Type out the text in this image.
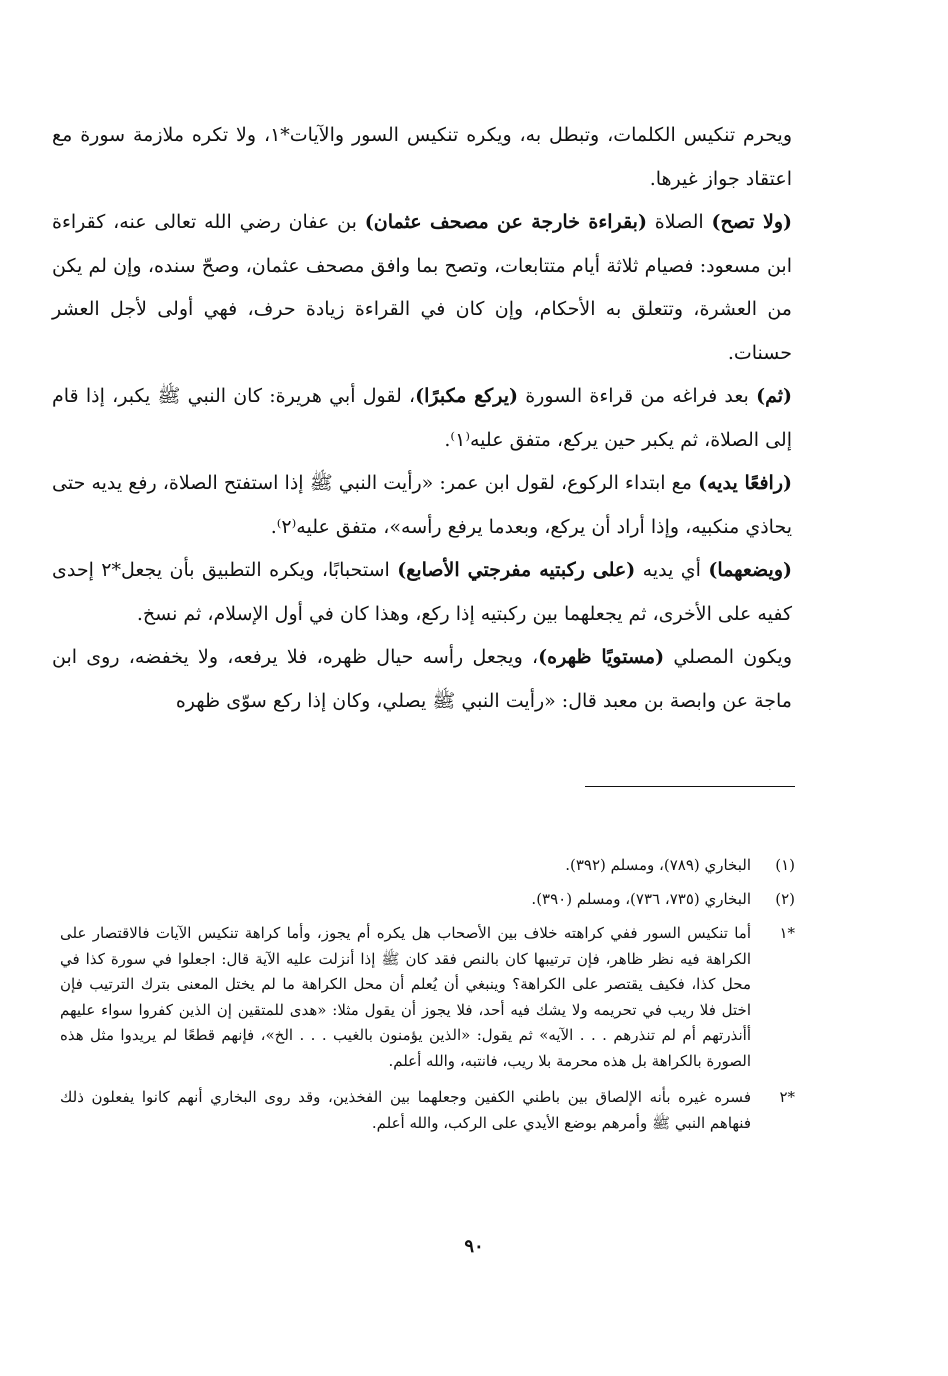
ويحرم تنكيس الكلمات، وتبطل به، ويكره تنكيس السور والآيات*١، ولا تكره ملازمة سورة مع اعتقاد جواز غيرها.

(ولا تصح) الصلاة (بقراءة خارجة عن مصحف عثمان) بن عفان رضي الله تعالى عنه، كقراءة ابن مسعود: فصيام ثلاثة أيام متتابعات، وتصح بما وافق مصحف عثمان، وصحّ سنده، وإن لم يكن من العشرة، وتتعلق به الأحكام، وإن كان في القراءة زيادة حرف، فهي أولى لأجل العشر حسنات.

(ثم) بعد فراغه من قراءة السورة (يركع مكبرًا)، لقول أبي هريرة: كان النبي ﷺ يكبر، إذا قام إلى الصلاة، ثم يكبر حين يركع، متفق عليه⁽١⁾.

(رافعًا يديه) مع ابتداء الركوع، لقول ابن عمر: «رأيت النبي ﷺ إذا استفتح الصلاة، رفع يديه حتى يحاذي منكبيه، وإذا أراد أن يركع، وبعدما يرفع رأسه»، متفق عليه⁽٢⁾.

(ويضعهما) أي يديه (على ركبتيه مفرجتي الأصابع) استحبابًا، ويكره التطبيق بأن يجعل*٢ إحدى كفيه على الأخرى، ثم يجعلهما بين ركبتيه إذا ركع، وهذا كان في أول الإسلام، ثم نسخ.

ويكون المصلي (مستويًا ظهره)، ويجعل رأسه حيال ظهره، فلا يرفعه، ولا يخفضه، روى ابن ماجة عن وابصة بن معبد قال: «رأيت النبي ﷺ يصلي، وكان إذا ركع سوّى ظهره

(١)
البخاري (٧٨٩)، ومسلم (٣٩٢).
(٢)
البخاري (٧٣٥، ٧٣٦)، ومسلم (٣٩٠).
*١
أما تنكيس السور ففي كراهته خلاف بين الأصحاب هل يكره أم يجوز، وأما كراهة تنكيس الآيات فالاقتصار على الكراهة فيه نظر ظاهر، فإن ترتيبها كان بالنص فقد كان ﷺ إذا أنزلت عليه الآية قال: اجعلوا في سورة كذا في محل كذا، فكيف يقتصر على الكراهة؟ وينبغي أن يُعلم أن محل الكراهة ما لم يختل المعنى بترك الترتيب فإن اختل فلا ريب في تحريمه ولا يشك فيه أحد، فلا يجوز أن يقول مثلا: «هدى للمتقين إن الذين كفروا سواء عليهم أأنذرتهم أم لم تنذرهم . . . الآيه» ثم يقول: «الذين يؤمنون بالغيب . . . الخ»، فإنهم قطعًا لم يريدوا مثل هذه الصورة بالكراهة بل هذه محرمة بلا ريب، فانتبه، والله أعلم.
*٢
فسره غيره بأنه الإلصاق بين باطني الكفين وجعلهما بين الفخذين، وقد روى البخاري أنهم كانوا يفعلون ذلك فنهاهم النبي ﷺ وأمرهم بوضع الأيدي على الركب، والله أعلم.
٩٠
